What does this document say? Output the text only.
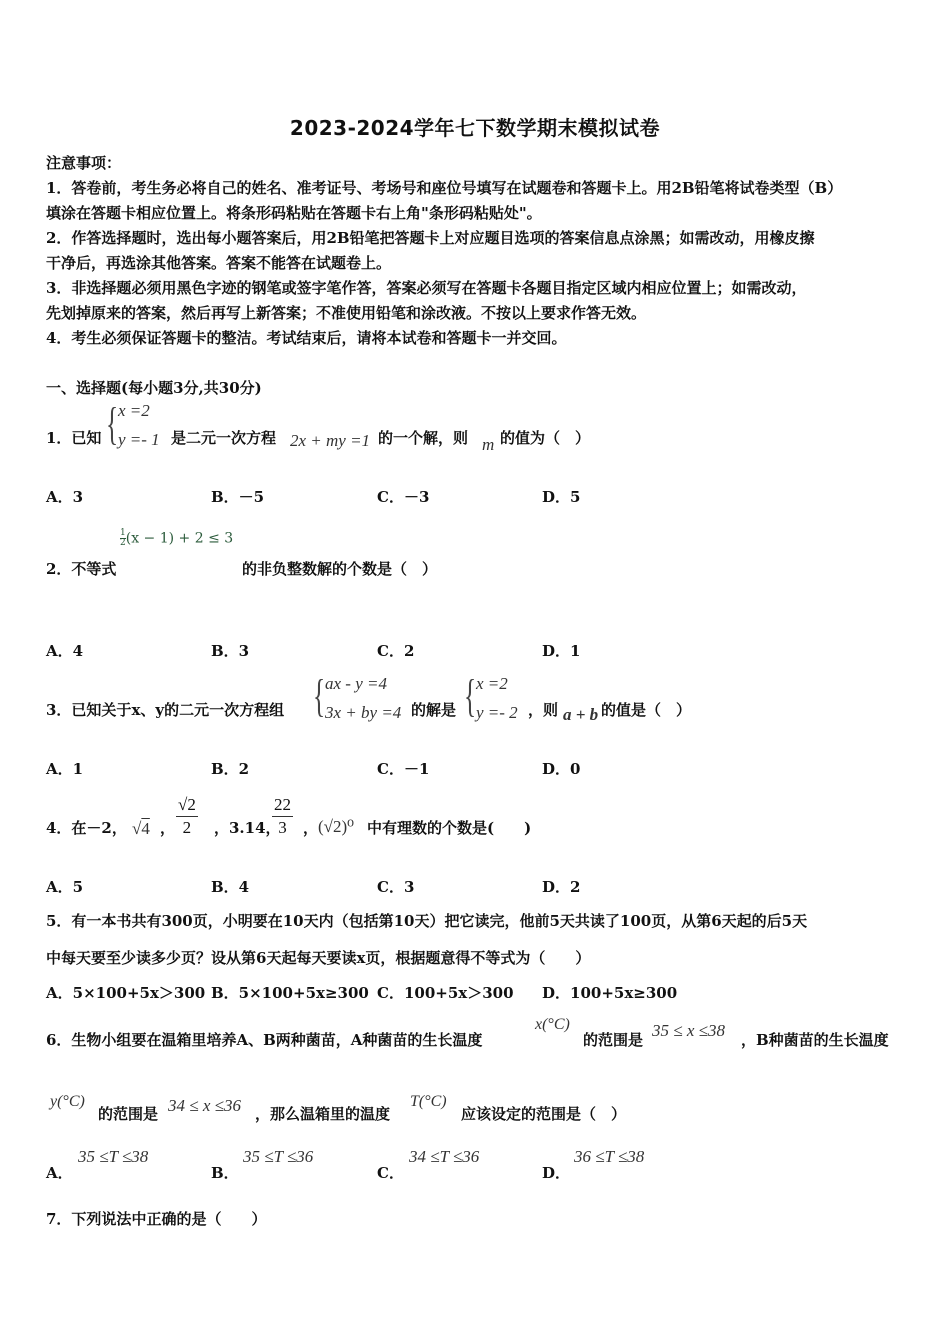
2023-2024学年七下数学期末模拟试卷
注意事项：
1．答卷前，考生务必将自己的姓名、准考证号、考场号和座位号填写在试题卷和答题卡上。用2B铅笔将试卷类型（B）
填涂在答题卡相应位置上。将条形码粘贴在答题卡右上角"条形码粘贴处"。
2．作答选择题时，选出每小题答案后，用2B铅笔把答题卡上对应题目选项的答案信息点涂黑；如需改动，用橡皮擦
干净后，再选涂其他答案。答案不能答在试题卷上。
3．非选择题必须用黑色字迹的钢笔或签字笔作答，答案必须写在答题卡各题目指定区域内相应位置上；如需改动，
先划掉原来的答案，然后再写上新答案；不准使用铅笔和涂改液。不按以上要求作答无效。
4．考生必须保证答题卡的整洁。考试结束后，请将本试卷和答题卡一并交回。
一、选择题(每小题3分,共30分)
1．已知 { x =2
y =- 1 是二元一次方程 2x + my =1 的一个解，则 m 的值为（　）
A．3	B．－5	C．－3	D．5
$\frac{1}{2} (x - 1) + 2 \le 3$
2．不等式	的非负整数解的个数是（　）
A．4	B．3	C．2	D．1
3．已知关于x、y的二元一次方程组 { ax - y =4
3x + by =4 的解是 { x =2
y =- 2 ，则 a + b 的值是（　）
A．1	B．2	C．－1	D．0
4．在－2， √4 ， $\frac{√2}{2}$ ，3.14，
$\frac{22}{3}$ ， (√2)⁰ 中有理数的个数是(　　)
A．5	B．4	C．3	D．2
5．有一本书共有300页，小明要在10天内（包括第10天）把它读完，他前5天共读了100页，从第6天起的后5天
中每天要至少读多少页？设从第6天起每天要读x页，根据题意得不等式为（　　）
A．5×100+5x＞300 B．5×100+5x≥300 C．100+5x＞300 D．100+5x≥300
6．生物小组要在温箱里培养A、B两种菌苗，A种菌苗的生长温度
x(°C)
的范围是 35 ≤ x ≤38 ，B种菌苗的生长温度
y(°C)
的范围是 34 ≤ x ≤36 ，那么温箱里的温度
T(°C)
应该设定的范围是（　）
A．
35 ≤T ≤38
B．
35 ≤T ≤36
C．
34 ≤T ≤36
D．
36 ≤T ≤38
7．下列说法中正确的是（　　）
